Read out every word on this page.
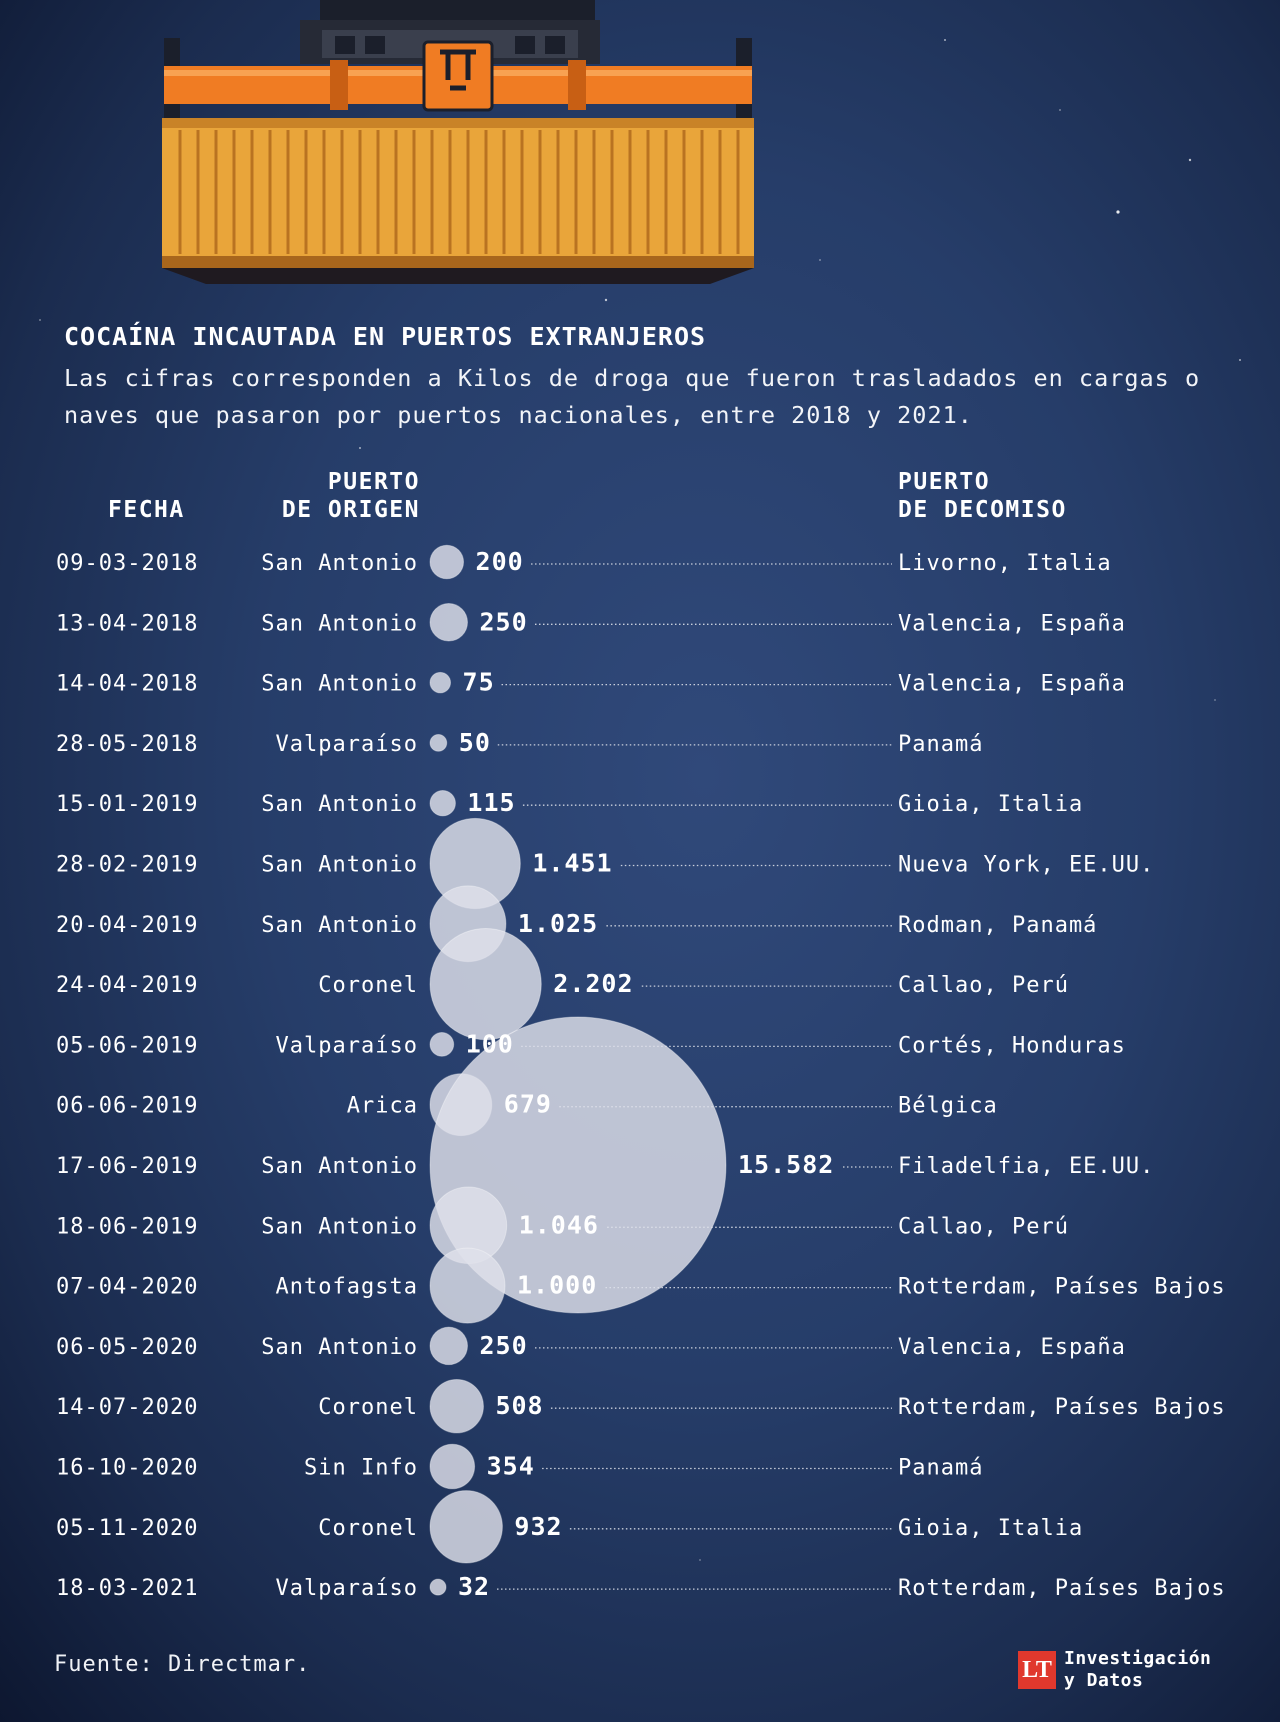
COCAÍNA INCAUTADA EN PUERTOS EXTRANJEROS

Las cifras corresponden a Kilos de droga que fueron trasladados en cargas o naves que pasaron por puertos nacionales, entre 2018 y 2021.

FECHA
PUERTO
DE ORIGEN
PUERTO
DE DECOMISO
09-03-2018	San Antonio 200	Livorno, Italia
13-04-2018	San Antonio 250	Valencia, España
14-04-2018	San Antonio 75	Valencia, España
28-05-2018	Valparaíso 50	Panamá
15-01-2019	San Antonio 115	Gioia, Italia
28-02-2019	San Antonio	1.451	Nueva York, EE.UU.
20-04-2019	San Antonio	1.025	Rodman, Panamá
24-04-2019	Coronel	2.202	Callao, Perú
05-06-2019	Valparaíso 100	Cortés, Honduras
06-06-2019	Arica	679	Bélgica
17-06-2019	San Antonio	15.582	Filadelfia, EE.UU.
18-06-2019	San Antonio	1.046	Callao, Perú
07-04-2020	Antofagsta	1.000	Rotterdam, Países Bajos
06-05-2020	San Antonio 250	Valencia, España
14-07-2020	Coronel	508	Rotterdam, Países Bajos
16-10-2020	Sin Info	354	Panamá
05-11-2020	Coronel	932	Gioia, Italia
18-03-2021	Valparaíso 32	Rotterdam, Países Bajos
Fuente: Directmar.	LT Investigación
y Datos
